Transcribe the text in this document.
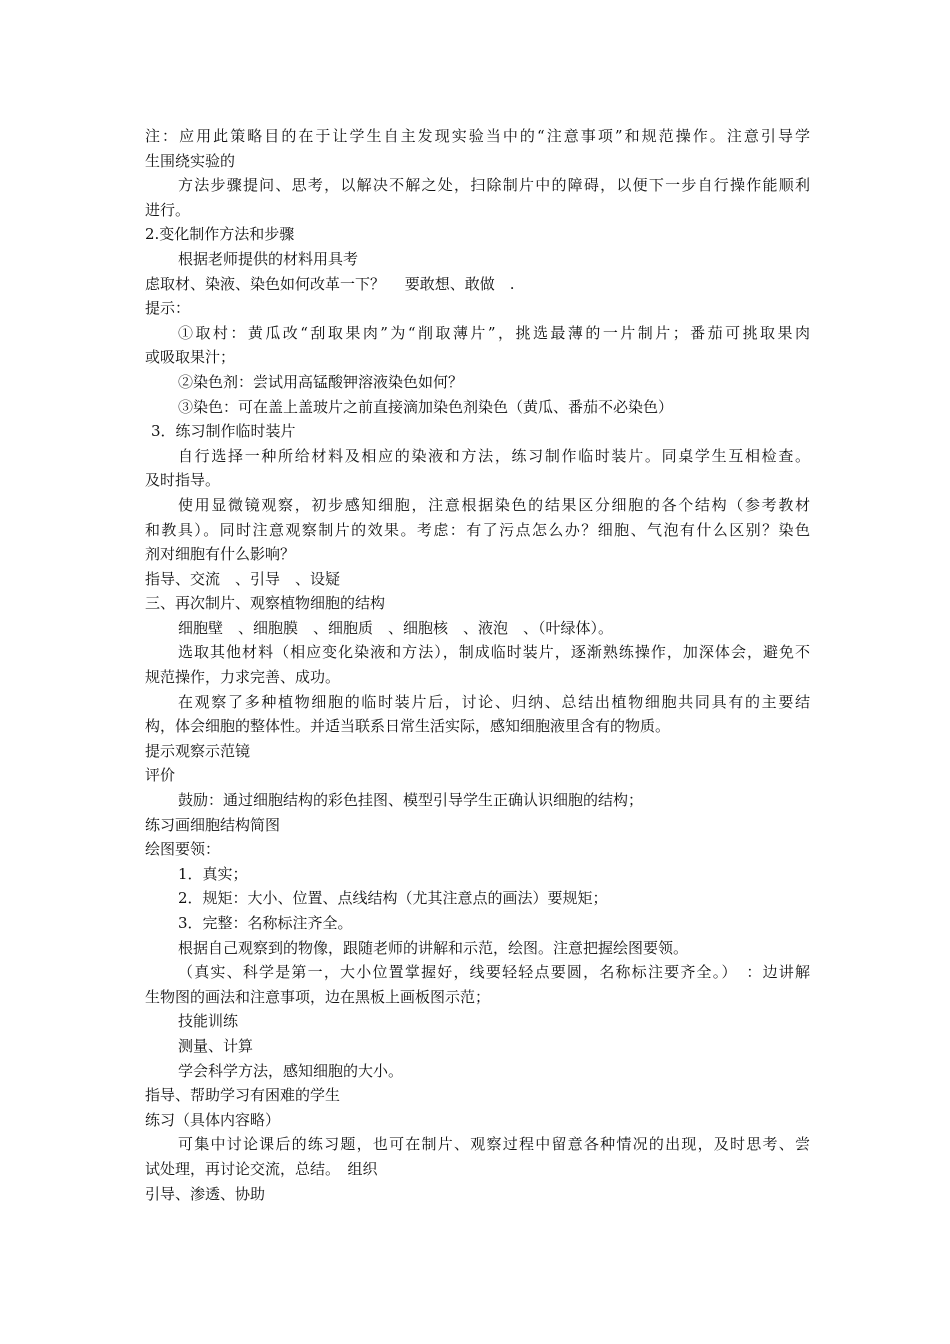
注：应用此策略目的在于让学生自主发现实验当中的“注意事项”和规范操作。注意引导学
生围绕实验的
方法步骤提问、思考，以解决不解之处，扫除制片中的障碍，以便下一步自行操作能顺利
进行。
2.变化制作方法和步骤
根据老师提供的材料用具考
虑取材、染液、染色如何改革一下？　 要敢想、敢做　.
提示：
①取村：黄瓜改“刮取果肉”为“削取薄片”，挑选最薄的一片制片；番茄可挑取果肉
或吸取果汁；
②染色剂：尝试用高锰酸钾溶液染色如何？
③染色：可在盖上盖玻片之前直接滴加染色剂染色（黄瓜、番茄不必染色）
3．练习制作临时装片
自行选择一种所给材料及相应的染液和方法，练习制作临时装片。同桌学生互相检查。
及时指导。
使用显微镜观察，初步感知细胞，注意根据染色的结果区分细胞的各个结构（参考教材
和教具）。同时注意观察制片的效果。考虑：有了污点怎么办？细胞、气泡有什么区别？染色
剂对细胞有什么影响？
指导、交流　、引导　、设疑
三、再次制片、观察植物细胞的结构
细胞壁　、细胞膜　、细胞质　、细胞核　、液泡　、（叶绿体）。
选取其他材料（相应变化染液和方法），制成临时装片，逐渐熟练操作，加深体会，避免不
规范操作，力求完善、成功。
在观察了多种植物细胞的临时装片后，讨论、归纳、总结出植物细胞共同具有的主要结
构，体会细胞的整体性。并适当联系日常生活实际，感知细胞液里含有的物质。
提示观察示范镜
评价
鼓励：通过细胞结构的彩色挂图、模型引导学生正确认识细胞的结构；
练习画细胞结构简图
绘图要领：
1．真实；
2．规矩：大小、位置、点线结构（尤其注意点的画法）要规矩；
3．完整：名称标注齐全。
根据自己观察到的物像，跟随老师的讲解和示范，绘图。注意把握绘图要领。
（真实、科学是第一，大小位置掌握好，线要轻轻点要圆，名称标注要齐全。）　：边讲解
生物图的画法和注意事项，边在黑板上画板图示范；
技能训练
测量、计算
学会科学方法，感知细胞的大小。
指导、帮助学习有困难的学生
练习（具体内容略）
可集中讨论课后的练习题，也可在制片、观察过程中留意各种情况的出现，及时思考、尝
试处理，再讨论交流，总结。　组织
引导、渗透、协助
